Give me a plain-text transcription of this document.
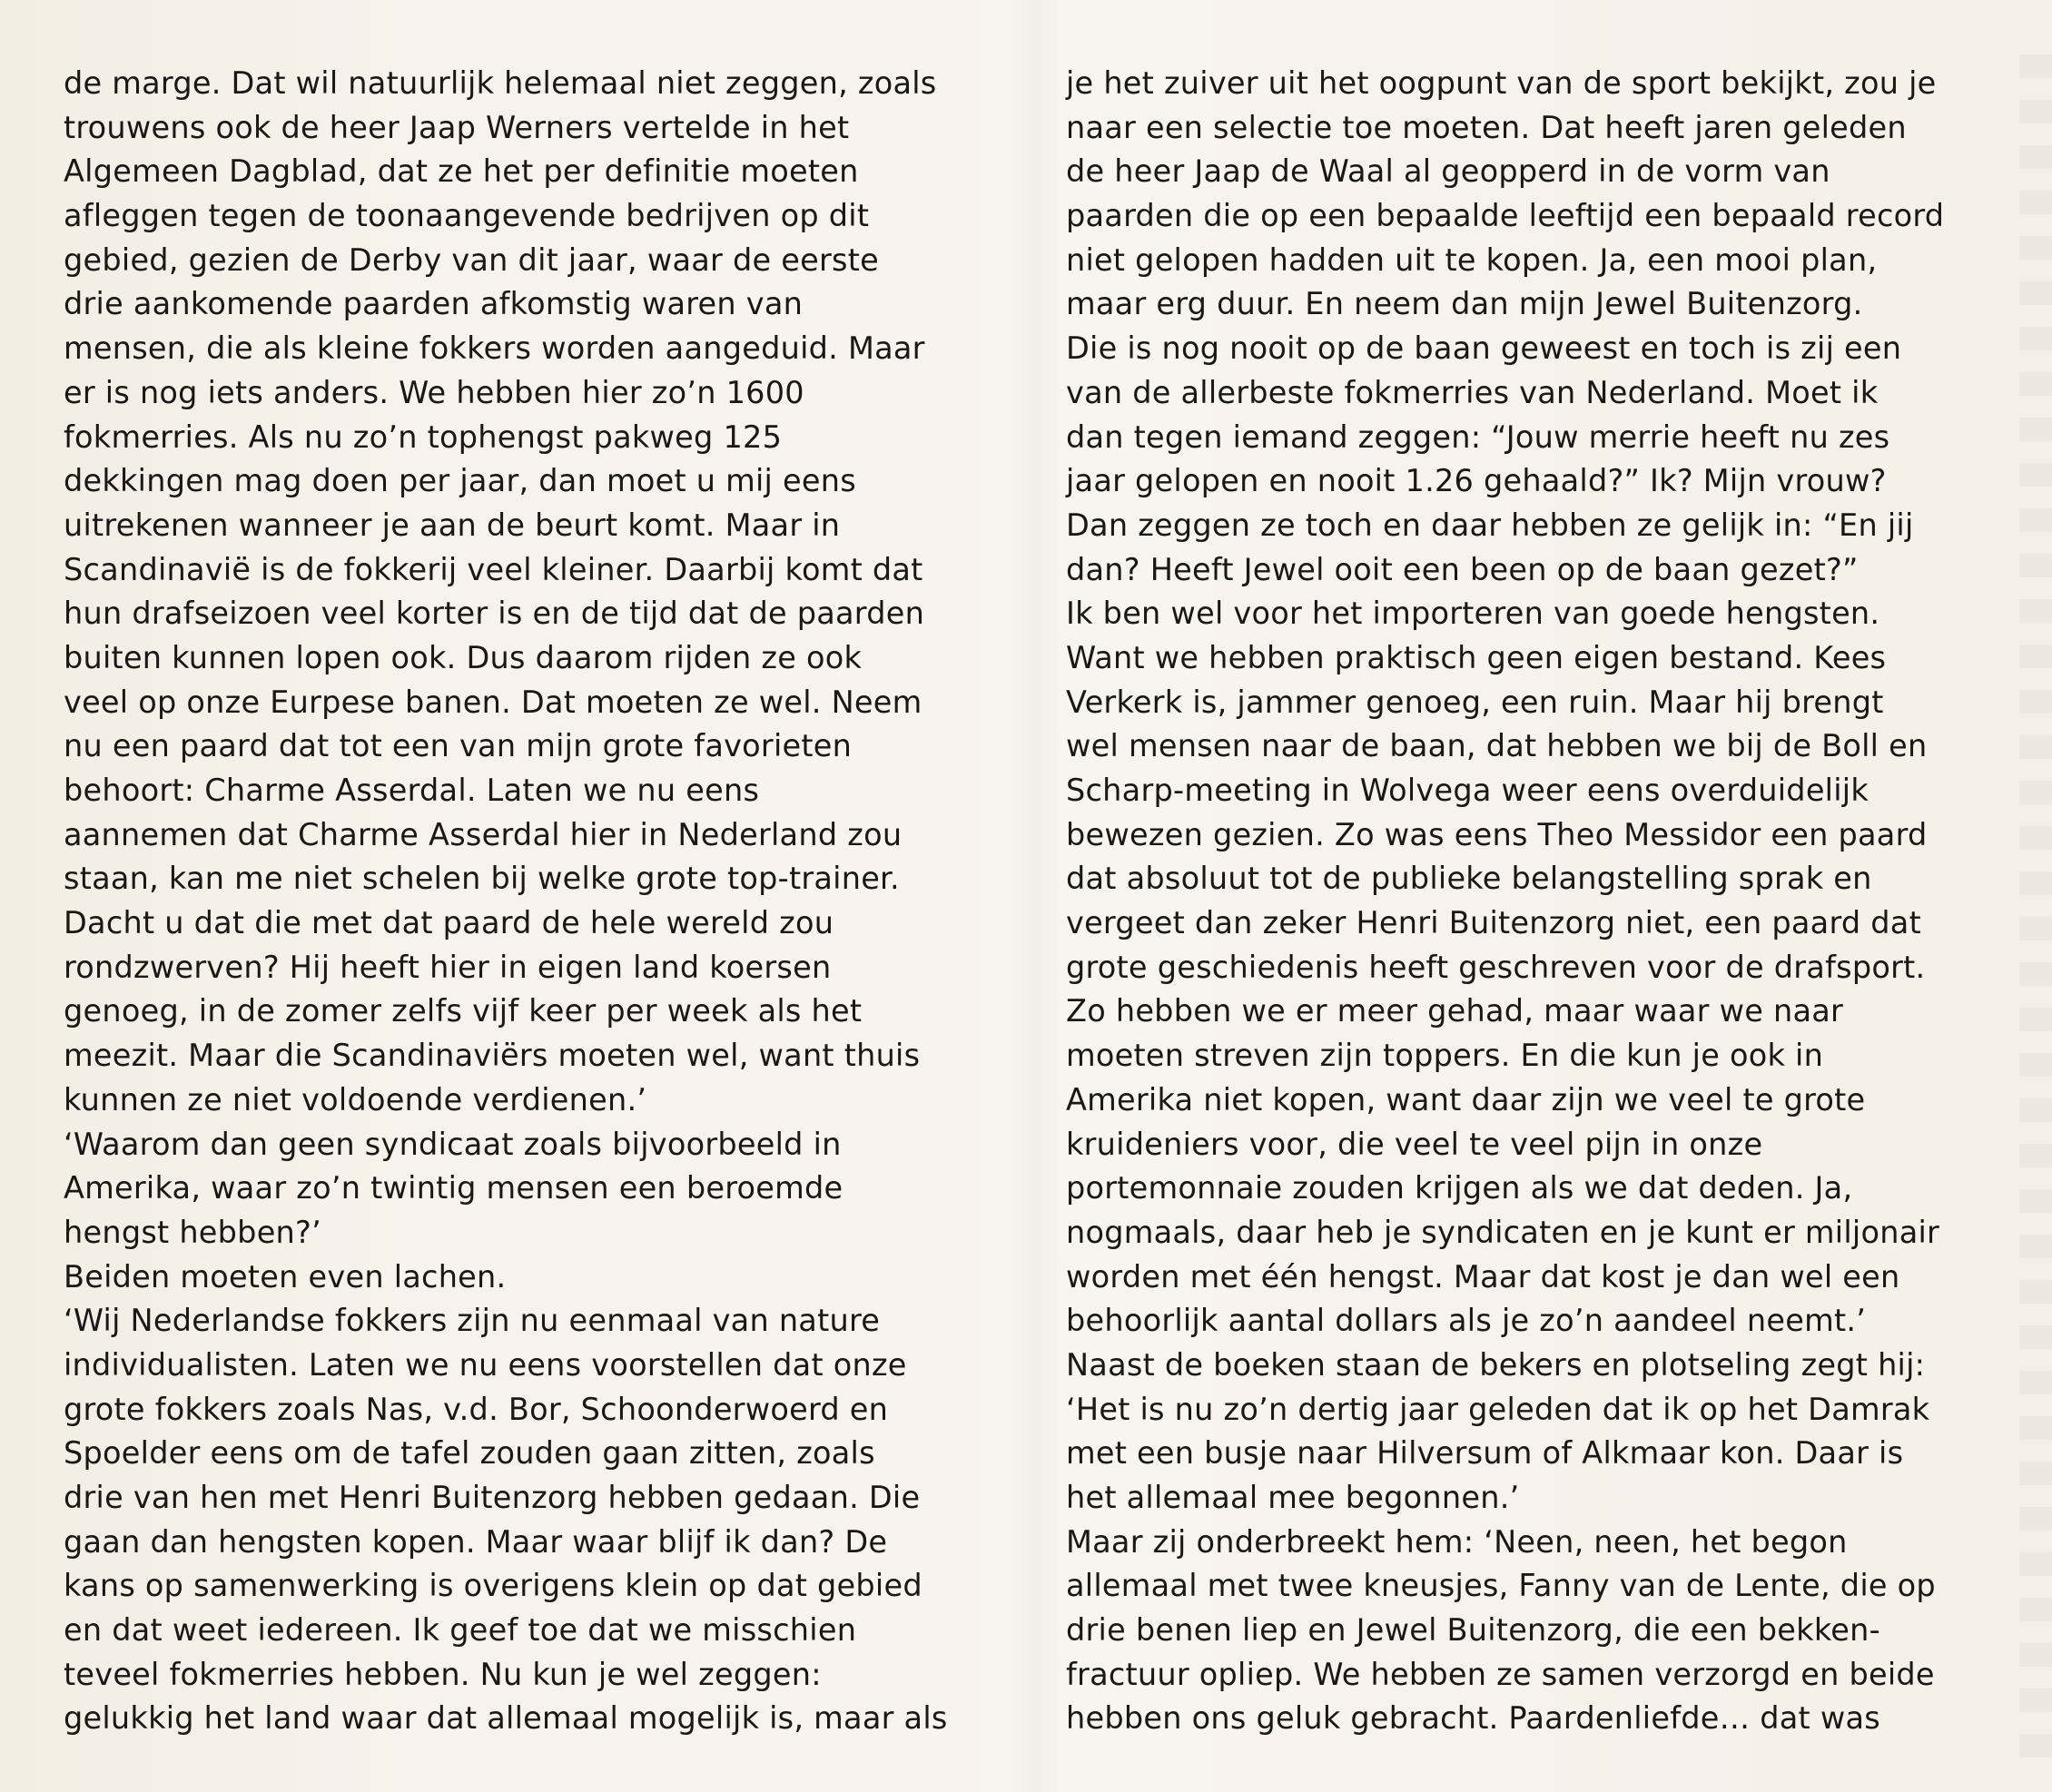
de marge. Dat wil natuurlijk helemaal niet zeggen, zoals
trouwens ook de heer Jaap Werners vertelde in het
Algemeen Dagblad, dat ze het per definitie moeten
afleggen tegen de toonaangevende bedrijven op dit
gebied, gezien de Derby van dit jaar, waar de eerste
drie aankomende paarden afkomstig waren van
mensen, die als kleine fokkers worden aangeduid. Maar
er is nog iets anders. We hebben hier zo’n 1600
fokmerries. Als nu zo’n tophengst pakweg 125
dekkingen mag doen per jaar, dan moet u mij eens
uitrekenen wanneer je aan de beurt komt. Maar in
Scandinavië is de fokkerij veel kleiner. Daarbij komt dat
hun drafseizoen veel korter is en de tijd dat de paarden
buiten kunnen lopen ook. Dus daarom rijden ze ook
veel op onze Eurpese banen. Dat moeten ze wel. Neem
nu een paard dat tot een van mijn grote favorieten
behoort: Charme Asserdal. Laten we nu eens
aannemen dat Charme Asserdal hier in Nederland zou
staan, kan me niet schelen bij welke grote top-trainer.
Dacht u dat die met dat paard de hele wereld zou
rondzwerven? Hij heeft hier in eigen land koersen
genoeg, in de zomer zelfs vijf keer per week als het
meezit. Maar die Scandinaviërs moeten wel, want thuis
kunnen ze niet voldoende verdienen.’
‘Waarom dan geen syndicaat zoals bijvoorbeeld in
Amerika, waar zo’n twintig mensen een beroemde
hengst hebben?’
Beiden moeten even lachen.
‘Wij Nederlandse fokkers zijn nu eenmaal van nature
individualisten. Laten we nu eens voorstellen dat onze
grote fokkers zoals Nas, v.d. Bor, Schoonderwoerd en
Spoelder eens om de tafel zouden gaan zitten, zoals
drie van hen met Henri Buitenzorg hebben gedaan. Die
gaan dan hengsten kopen. Maar waar blijf ik dan? De
kans op samenwerking is overigens klein op dat gebied
en dat weet iedereen. Ik geef toe dat we misschien
teveel fokmerries hebben. Nu kun je wel zeggen:
gelukkig het land waar dat allemaal mogelijk is, maar als
je het zuiver uit het oogpunt van de sport bekijkt, zou je
naar een selectie toe moeten. Dat heeft jaren geleden
de heer Jaap de Waal al geopperd in de vorm van
paarden die op een bepaalde leeftijd een bepaald record
niet gelopen hadden uit te kopen. Ja, een mooi plan,
maar erg duur. En neem dan mijn Jewel Buitenzorg.
Die is nog nooit op de baan geweest en toch is zij een
van de allerbeste fokmerries van Nederland. Moet ik
dan tegen iemand zeggen: “Jouw merrie heeft nu zes
jaar gelopen en nooit 1.26 gehaald?” Ik? Mijn vrouw?
Dan zeggen ze toch en daar hebben ze gelijk in: “En jij
dan? Heeft Jewel ooit een been op de baan gezet?”
Ik ben wel voor het importeren van goede hengsten.
Want we hebben praktisch geen eigen bestand. Kees
Verkerk is, jammer genoeg, een ruin. Maar hij brengt
wel mensen naar de baan, dat hebben we bij de Boll en
Scharp-meeting in Wolvega weer eens overduidelijk
bewezen gezien. Zo was eens Theo Messidor een paard
dat absoluut tot de publieke belangstelling sprak en
vergeet dan zeker Henri Buitenzorg niet, een paard dat
grote geschiedenis heeft geschreven voor de drafsport.
Zo hebben we er meer gehad, maar waar we naar
moeten streven zijn toppers. En die kun je ook in
Amerika niet kopen, want daar zijn we veel te grote
kruideniers voor, die veel te veel pijn in onze
portemonnaie zouden krijgen als we dat deden. Ja,
nogmaals, daar heb je syndicaten en je kunt er miljonair
worden met één hengst. Maar dat kost je dan wel een
behoorlijk aantal dollars als je zo’n aandeel neemt.’
Naast de boeken staan de bekers en plotseling zegt hij:
‘Het is nu zo’n dertig jaar geleden dat ik op het Damrak
met een busje naar Hilversum of Alkmaar kon. Daar is
het allemaal mee begonnen.’
Maar zij onderbreekt hem: ‘Neen, neen, het begon
allemaal met twee kneusjes, Fanny van de Lente, die op
drie benen liep en Jewel Buitenzorg, die een bekken-
fractuur opliep. We hebben ze samen verzorgd en beide
hebben ons geluk gebracht. Paardenliefde… dat was
